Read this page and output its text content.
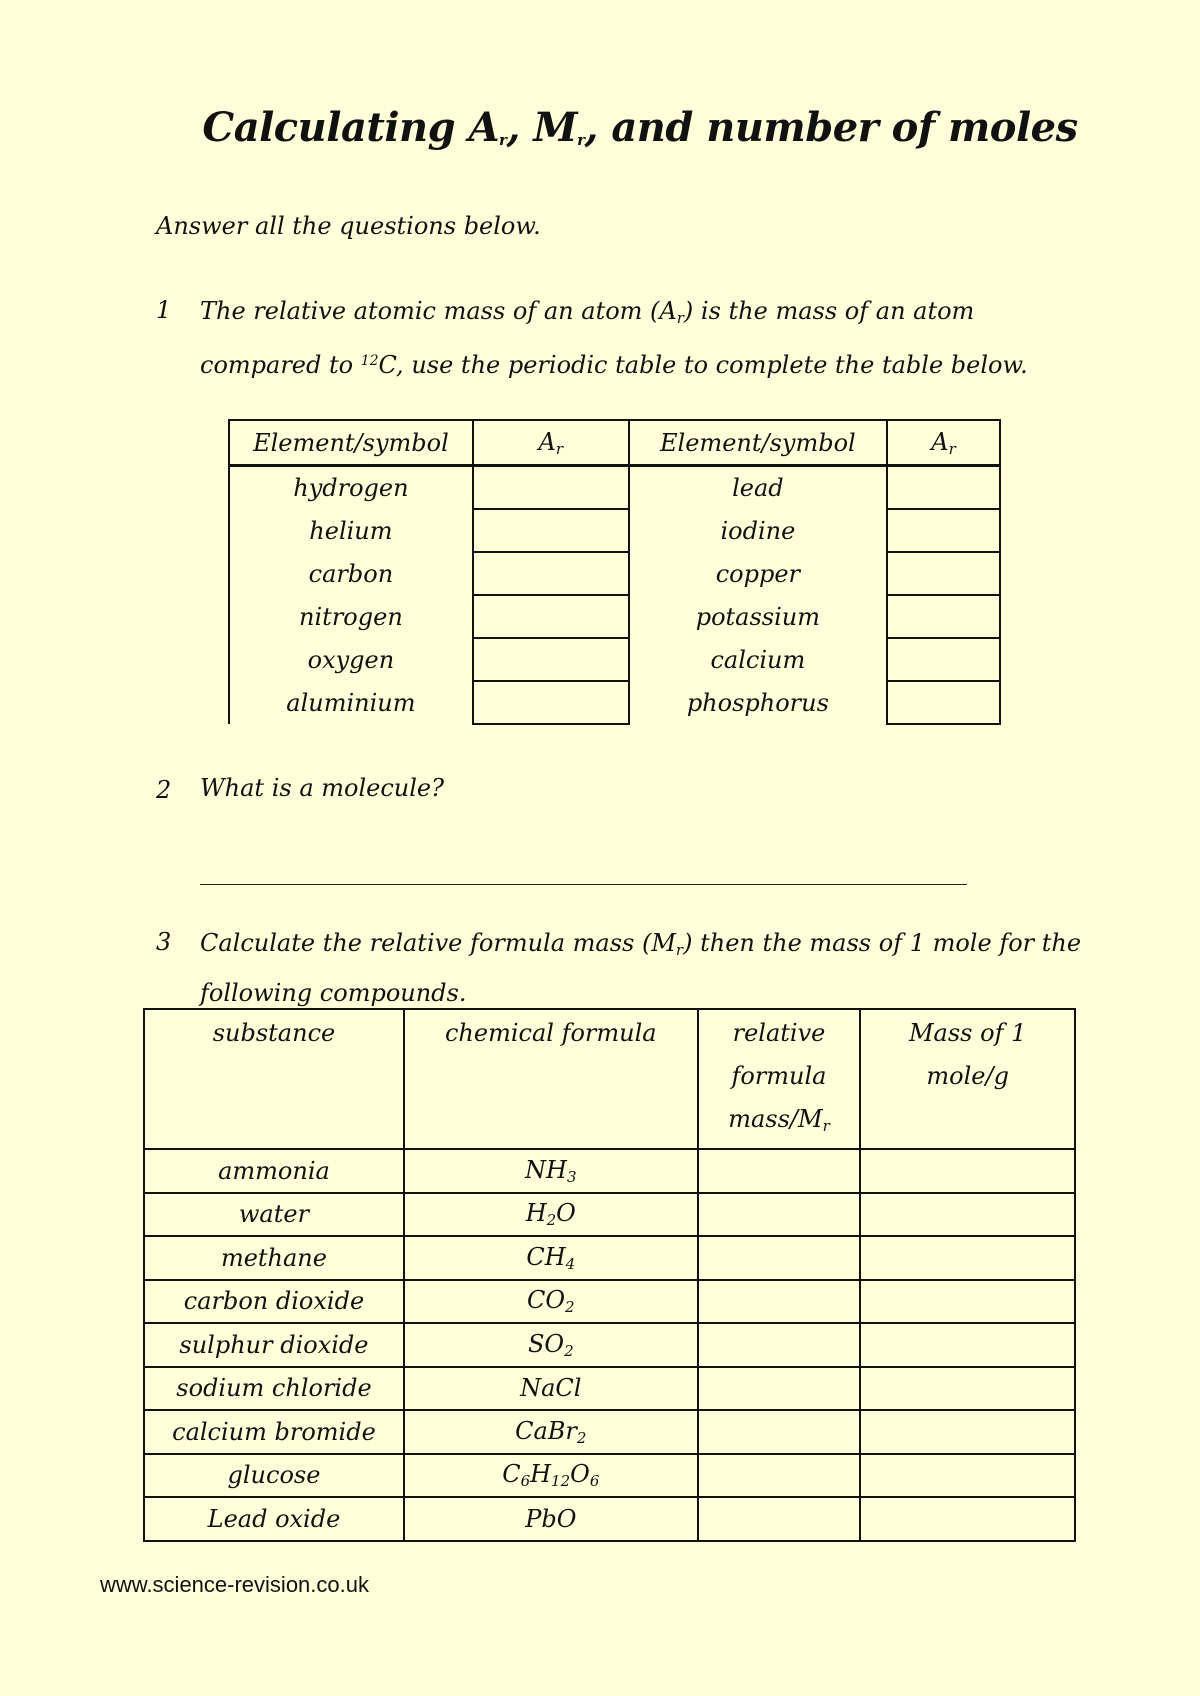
Calculating $A_r$, $M_r$, and number of moles
Answer all the questions below.
1 The relative atomic mass of an atom $(A_r)$ is the mass of an atom compared to $^{12}$C, use the periodic table to complete the table below.
Element/symbol	$A_r$	Element/symbol	$A_r$
hydrogen		lead	
helium		iodine	
carbon		copper	
nitrogen		potassium	
oxygen		calcium	
aluminium		phosphorus	
2 What is a molecule?
3 Calculate the relative formula mass $(M_r)$ then the mass of 1 mole for the following compounds.
substance	chemical formula	relative formula mass/$M_r$	Mass of 1 mole/g
ammonia	$NH_3$		
water	$H_2O$		
methane	$CH_4$		
carbon dioxide	$CO_2$		
sulphur dioxide	$SO_2$		
sodium chloride	NaCl		
calcium bromide	CaBr$_2$		
glucose	$C_6H_{12}O_6$		
Lead oxide	PbO		
www.science-revision.co.uk
